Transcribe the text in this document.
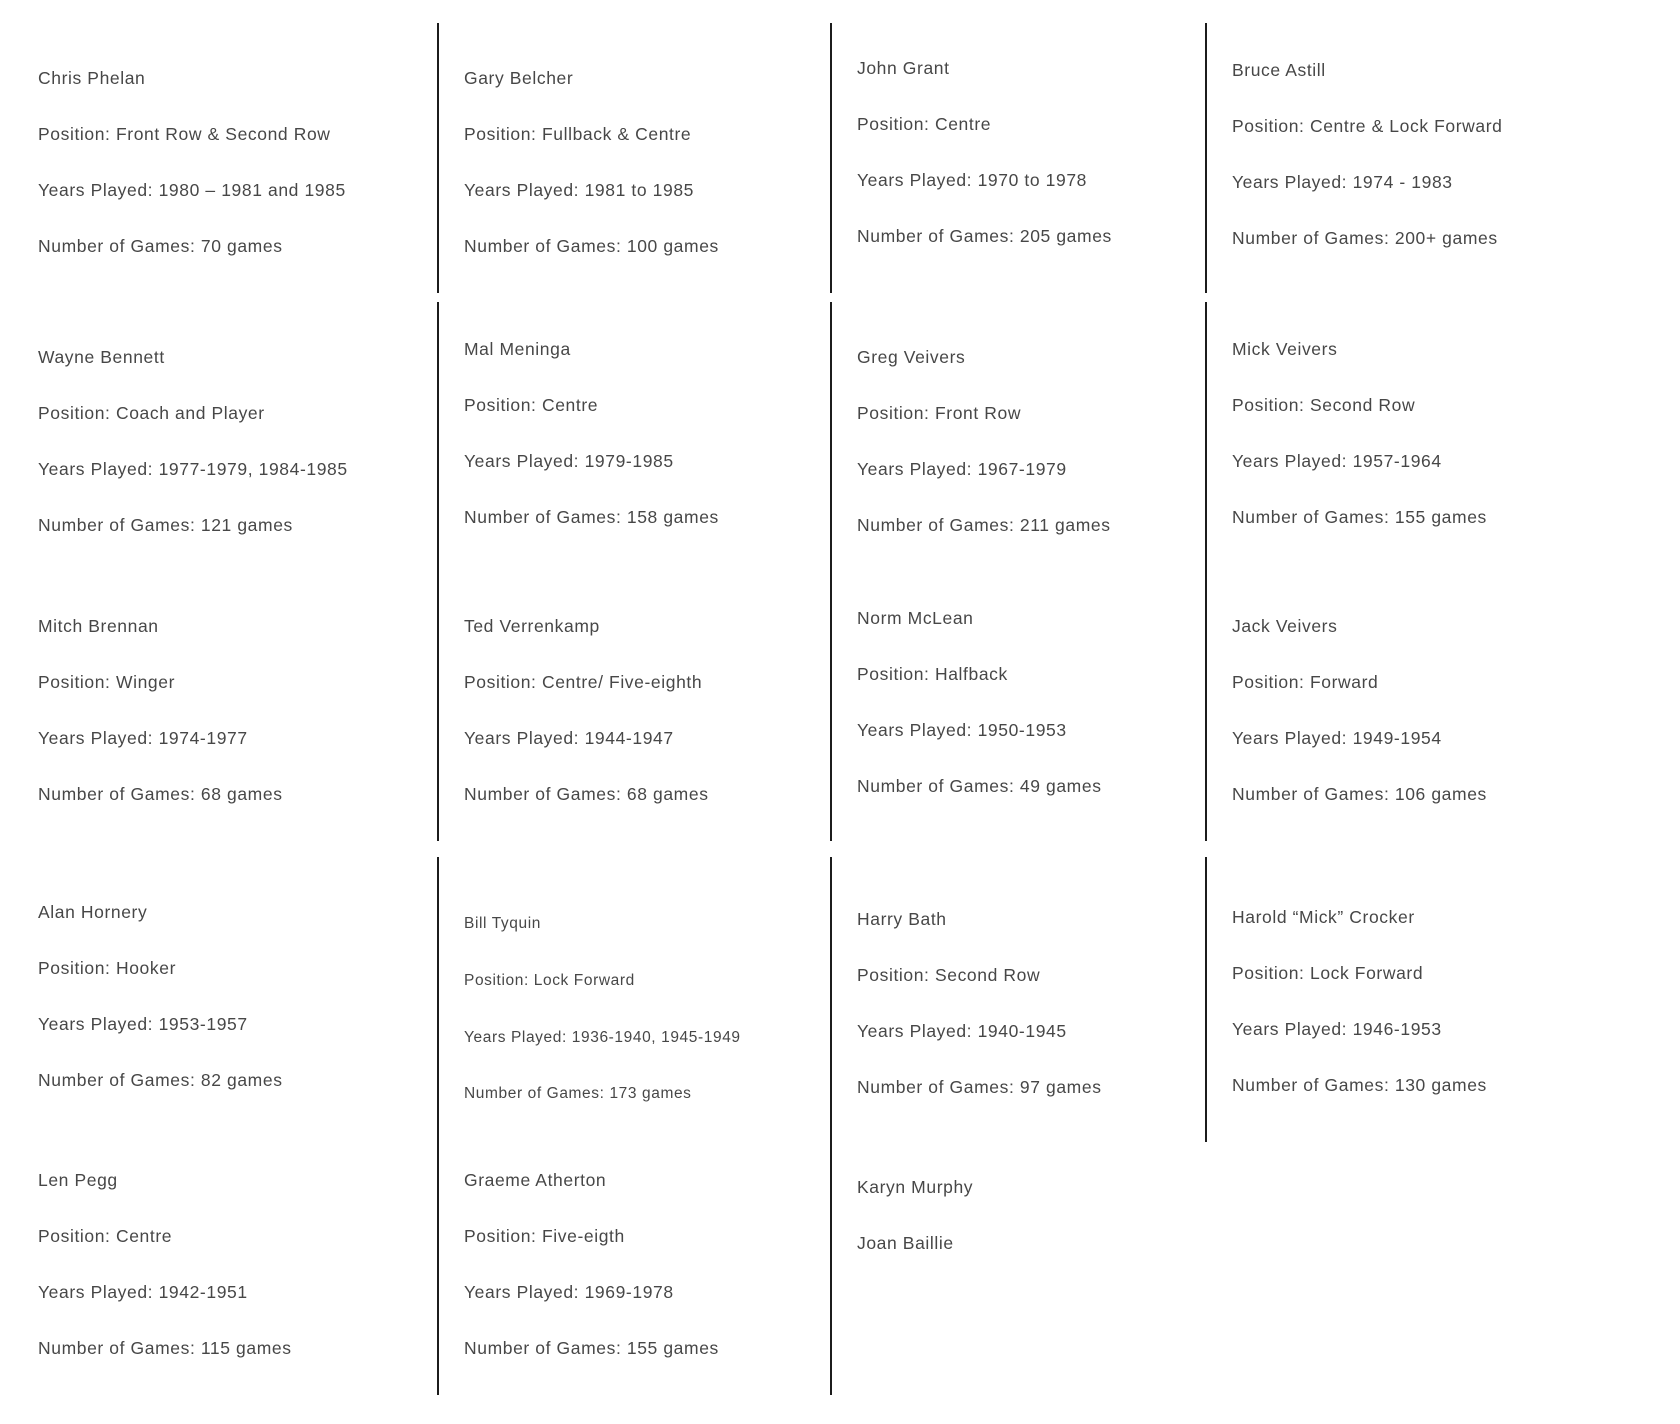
Chris Phelan
Position: Front Row & Second Row
Years Played: 1980 – 1981 and 1985
Number of Games: 70 games
Gary Belcher
Position: Fullback & Centre
Years Played: 1981 to 1985
Number of Games: 100 games
John Grant
Position: Centre
Years Played: 1970 to 1978
Number of Games: 205 games
Bruce Astill
Position: Centre & Lock Forward
Years Played: 1974 - 1983
Number of Games: 200+ games
Wayne Bennett
Position: Coach and Player
Years Played: 1977-1979, 1984-1985
Number of Games: 121 games
Mal Meninga
Position: Centre
Years Played: 1979-1985
Number of Games: 158 games
Greg Veivers
Position: Front Row
Years Played: 1967-1979
Number of Games: 211 games
Mick Veivers
Position: Second Row
Years Played: 1957-1964
Number of Games: 155 games
Mitch Brennan
Position: Winger
Years Played: 1974-1977
Number of Games: 68 games
Ted Verrenkamp
Position: Centre/ Five-eighth
Years Played: 1944-1947
Number of Games: 68 games
Norm McLean
Position: Halfback
Years Played: 1950-1953
Number of Games: 49 games
Jack Veivers
Position: Forward
Years Played: 1949-1954
Number of Games: 106 games
Alan Hornery
Position: Hooker
Years Played: 1953-1957
Number of Games: 82 games
Bill Tyquin
Position: Lock Forward
Years Played: 1936-1940, 1945-1949
Number of Games: 173 games
Harry Bath
Position: Second Row
Years Played: 1940-1945
Number of Games: 97 games
Harold “Mick” Crocker
Position: Lock Forward
Years Played: 1946-1953
Number of Games: 130 games
Len Pegg
Position: Centre
Years Played: 1942-1951
Number of Games: 115 games
Graeme Atherton
Position: Five-eigth
Years Played: 1969-1978
Number of Games: 155 games
Karyn Murphy
Joan Baillie
